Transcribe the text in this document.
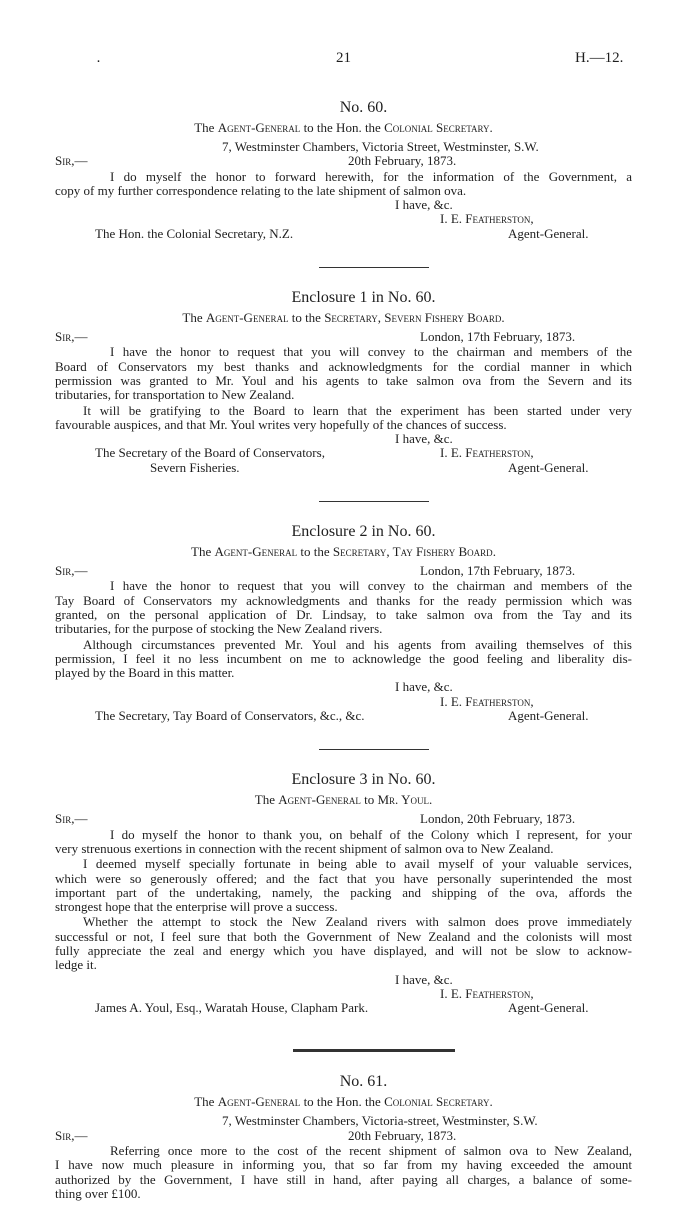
·	21	H.—12.
No. 60.
The Agent-General to the Hon. the Colonial Secretary.
7, Westminster Chambers, Victoria Street, Westminster, S.W.
Sir,—	20th February, 1873.
I do myself the honor to forward herewith, for the information of the Government, a
copy of my further correspondence relating to the late shipment of salmon ova.
I have, &c.
I. E. Featherston,
The Hon. the Colonial Secretary, N.Z.	Agent-General.
Enclosure 1 in No. 60.
The Agent-General to the Secretary, Severn Fishery Board.
Sir,—	London, 17th February, 1873.
I have the honor to request that you will convey to the chairman and members of the
Board of Conservators my best thanks and acknowledgments for the cordial manner in which
permission was granted to Mr. Youl and his agents to take salmon ova from the Severn and its
tributaries, for transportation to New Zealand.
It will be gratifying to the Board to learn that the experiment has been started under very
favourable auspices, and that Mr. Youl writes very hopefully of the chances of success.
I have, &c.
The Secretary of the Board of Conservators,	I. E. Featherston,
Severn Fisheries.	Agent-General.
Enclosure 2 in No. 60.
The Agent-General to the Secretary, Tay Fishery Board.
Sir,—	London, 17th February, 1873.
I have the honor to request that you will convey to the chairman and members of the
Tay Board of Conservators my acknowledgments and thanks for the ready permission which was
granted, on the personal application of Dr. Lindsay, to take salmon ova from the Tay and its
tributaries, for the purpose of stocking the New Zealand rivers.
Although circumstances prevented Mr. Youl and his agents from availing themselves of this
permission, I feel it no less incumbent on me to acknowledge the good feeling and liberality dis-
played by the Board in this matter.
I have, &c.
I. E. Featherston,
The Secretary, Tay Board of Conservators, &c., &c.	Agent-General.
Enclosure 3 in No. 60.
The Agent-General to Mr. Youl.
Sir,—	London, 20th February, 1873.
I do myself the honor to thank you, on behalf of the Colony which I represent, for your
very strenuous exertions in connection with the recent shipment of salmon ova to New Zealand.
I deemed myself specially fortunate in being able to avail myself of your valuable services,
which were so generously offered; and the fact that you have personally superintended the most
important part of the undertaking, namely, the packing and shipping of the ova, affords the
strongest hope that the enterprise will prove a success.
Whether the attempt to stock the New Zealand rivers with salmon does prove immediately
successful or not, I feel sure that both the Government of New Zealand and the colonists will most
fully appreciate the zeal and energy which you have displayed, and will not be slow to acknow-
ledge it.
I have, &c.
I. E. Featherston,
James A. Youl, Esq., Waratah House, Clapham Park.	Agent-General.
No. 61.
The Agent-General to the Hon. the Colonial Secretary.
7, Westminster Chambers, Victoria-street, Westminster, S.W.
Sir,—	20th February, 1873.
Referring once more to the cost of the recent shipment of salmon ova to New Zealand,
I have now much pleasure in informing you, that so far from my having exceeded the amount
authorized by the Government, I have still in hand, after paying all charges, a balance of some-
thing over £100.
